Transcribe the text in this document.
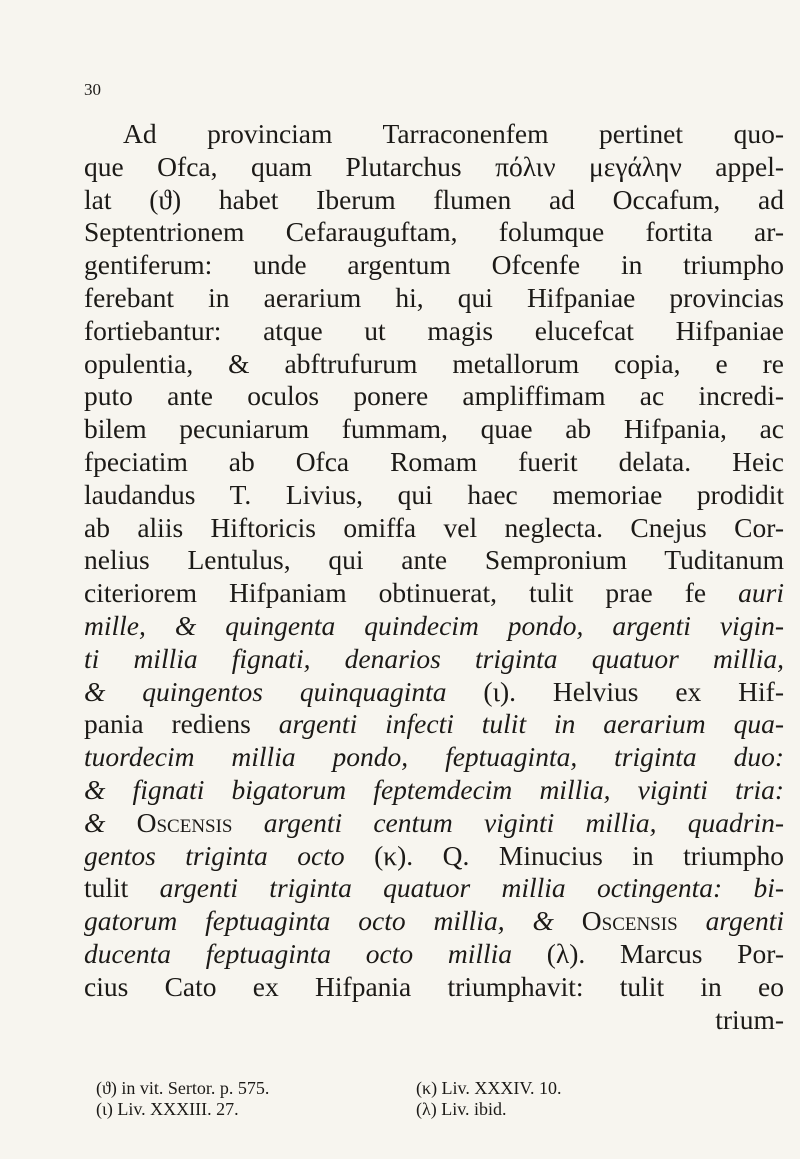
30
Ad provinciam Tarraconenfem pertinet quo-
que Ofca, quam Plutarchus πόλιν μεγάλην appel-
lat (ϑ) habet Iberum flumen ad Occafum, ad
Septentrionem Cefarauguftam, folumque fortita ar-
gentiferum: unde argentum Ofcenfe in triumpho
ferebant in aerarium hi, qui Hifpaniae provincias
fortiebantur: atque ut magis elucefcat Hifpaniae
opulentia, & abftrufurum metallorum copia, e re
puto ante oculos ponere ampliffimam ac incredi-
bilem pecuniarum fummam, quae ab Hifpania, ac
fpeciatim ab Ofca Romam fuerit delata. Heic
laudandus T. Livius, qui haec memoriae prodidit
ab aliis Hiftoricis omiffa vel neglecta. Cnejus Cor-
nelius Lentulus, qui ante Sempronium Tuditanum
citeriorem Hifpaniam obtinuerat, tulit prae fe auri
mille, & quingenta quindecim pondo, argenti vigin-
ti millia fignati, denarios triginta quatuor millia,
& quingentos quinquaginta (ι). Helvius ex Hif-
pania rediens argenti infecti tulit in aerarium qua-
tuordecim millia pondo, feptuaginta, triginta duo:
& fignati bigatorum feptemdecim millia, viginti tria:
& Oscensis argenti centum viginti millia, quadrin-
gentos triginta octo (κ). Q. Minucius in triumpho
tulit argenti triginta quatuor millia octingenta: bi-
gatorum feptuaginta octo millia, & Oscensis argenti
ducenta feptuaginta octo millia (λ). Marcus Por-
cius Cato ex Hifpania triumphavit: tulit in eo
trium-
(ϑ) in vit. Sertor. p. 575.
(ι) Liv. XXXIII. 27.
(κ) Liv. XXXIV. 10.
(λ) Liv. ibid.
